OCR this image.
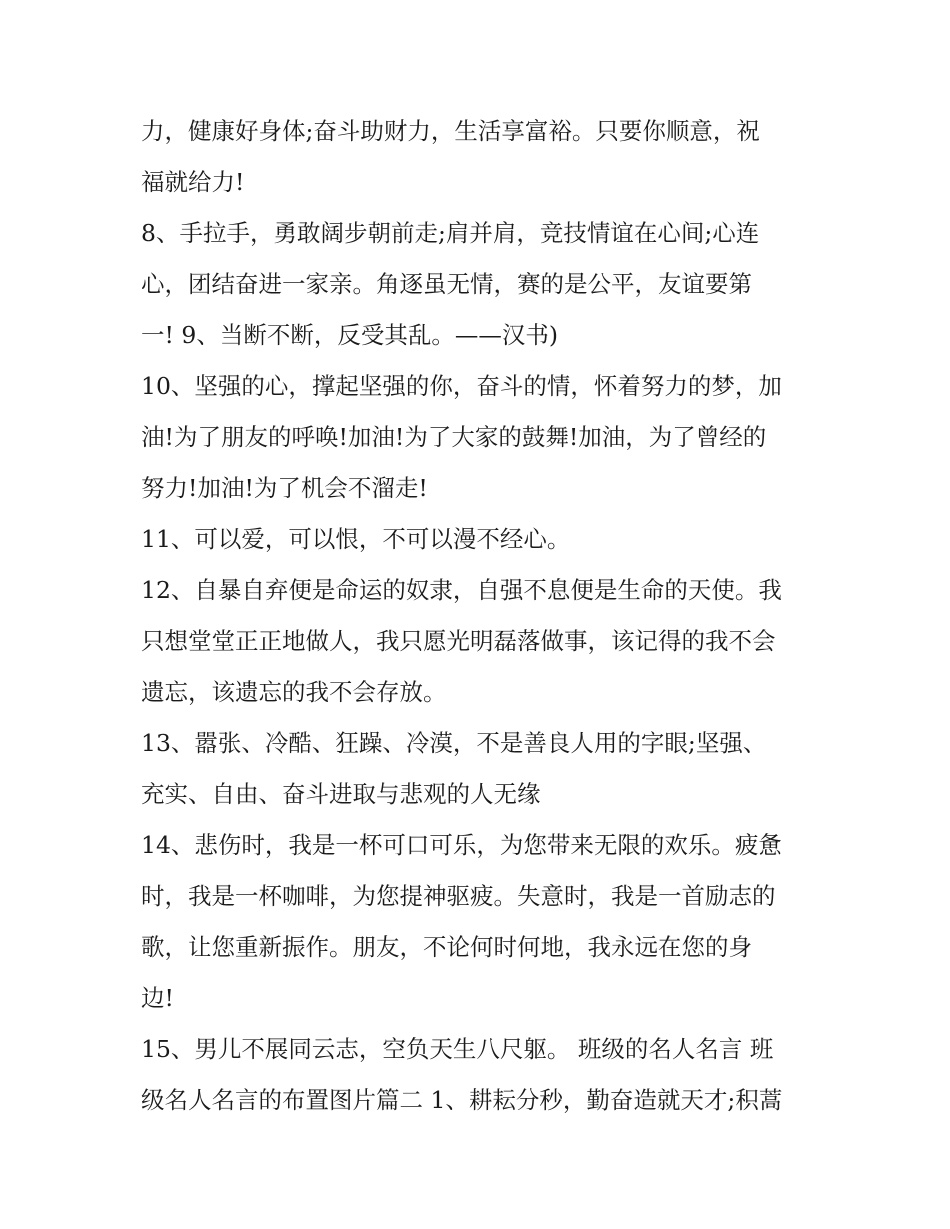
力，健康好身体;奋斗助财力，生活享富裕。只要你顺意，祝
福就给力!
8、手拉手，勇敢阔步朝前走;肩并肩，竞技情谊在心间;心连
心，团结奋进一家亲。角逐虽无情，赛的是公平，友谊要第
一! 9、当断不断，反受其乱。——汉书)
10、坚强的心，撑起坚强的你，奋斗的情，怀着努力的梦，加
油!为了朋友的呼唤!加油!为了大家的鼓舞!加油，为了曾经的
努力!加油!为了机会不溜走!
11、可以爱，可以恨，不可以漫不经心。
12、自暴自弃便是命运的奴隶，自强不息便是生命的天使。我
只想堂堂正正地做人，我只愿光明磊落做事，该记得的我不会
遗忘，该遗忘的我不会存放。
13、嚣张、冷酷、狂躁、冷漠，不是善良人用的字眼;坚强、
充实、自由、奋斗进取与悲观的人无缘
14、悲伤时，我是一杯可口可乐，为您带来无限的欢乐。疲惫
时，我是一杯咖啡，为您提神驱疲。失意时，我是一首励志的
歌，让您重新振作。朋友，不论何时何地，我永远在您的身
边!
15、男儿不展同云志，空负天生八尺躯。 班级的名人名言 班
级名人名言的布置图片篇二 1、耕耘分秒，勤奋造就天才;积蒿
